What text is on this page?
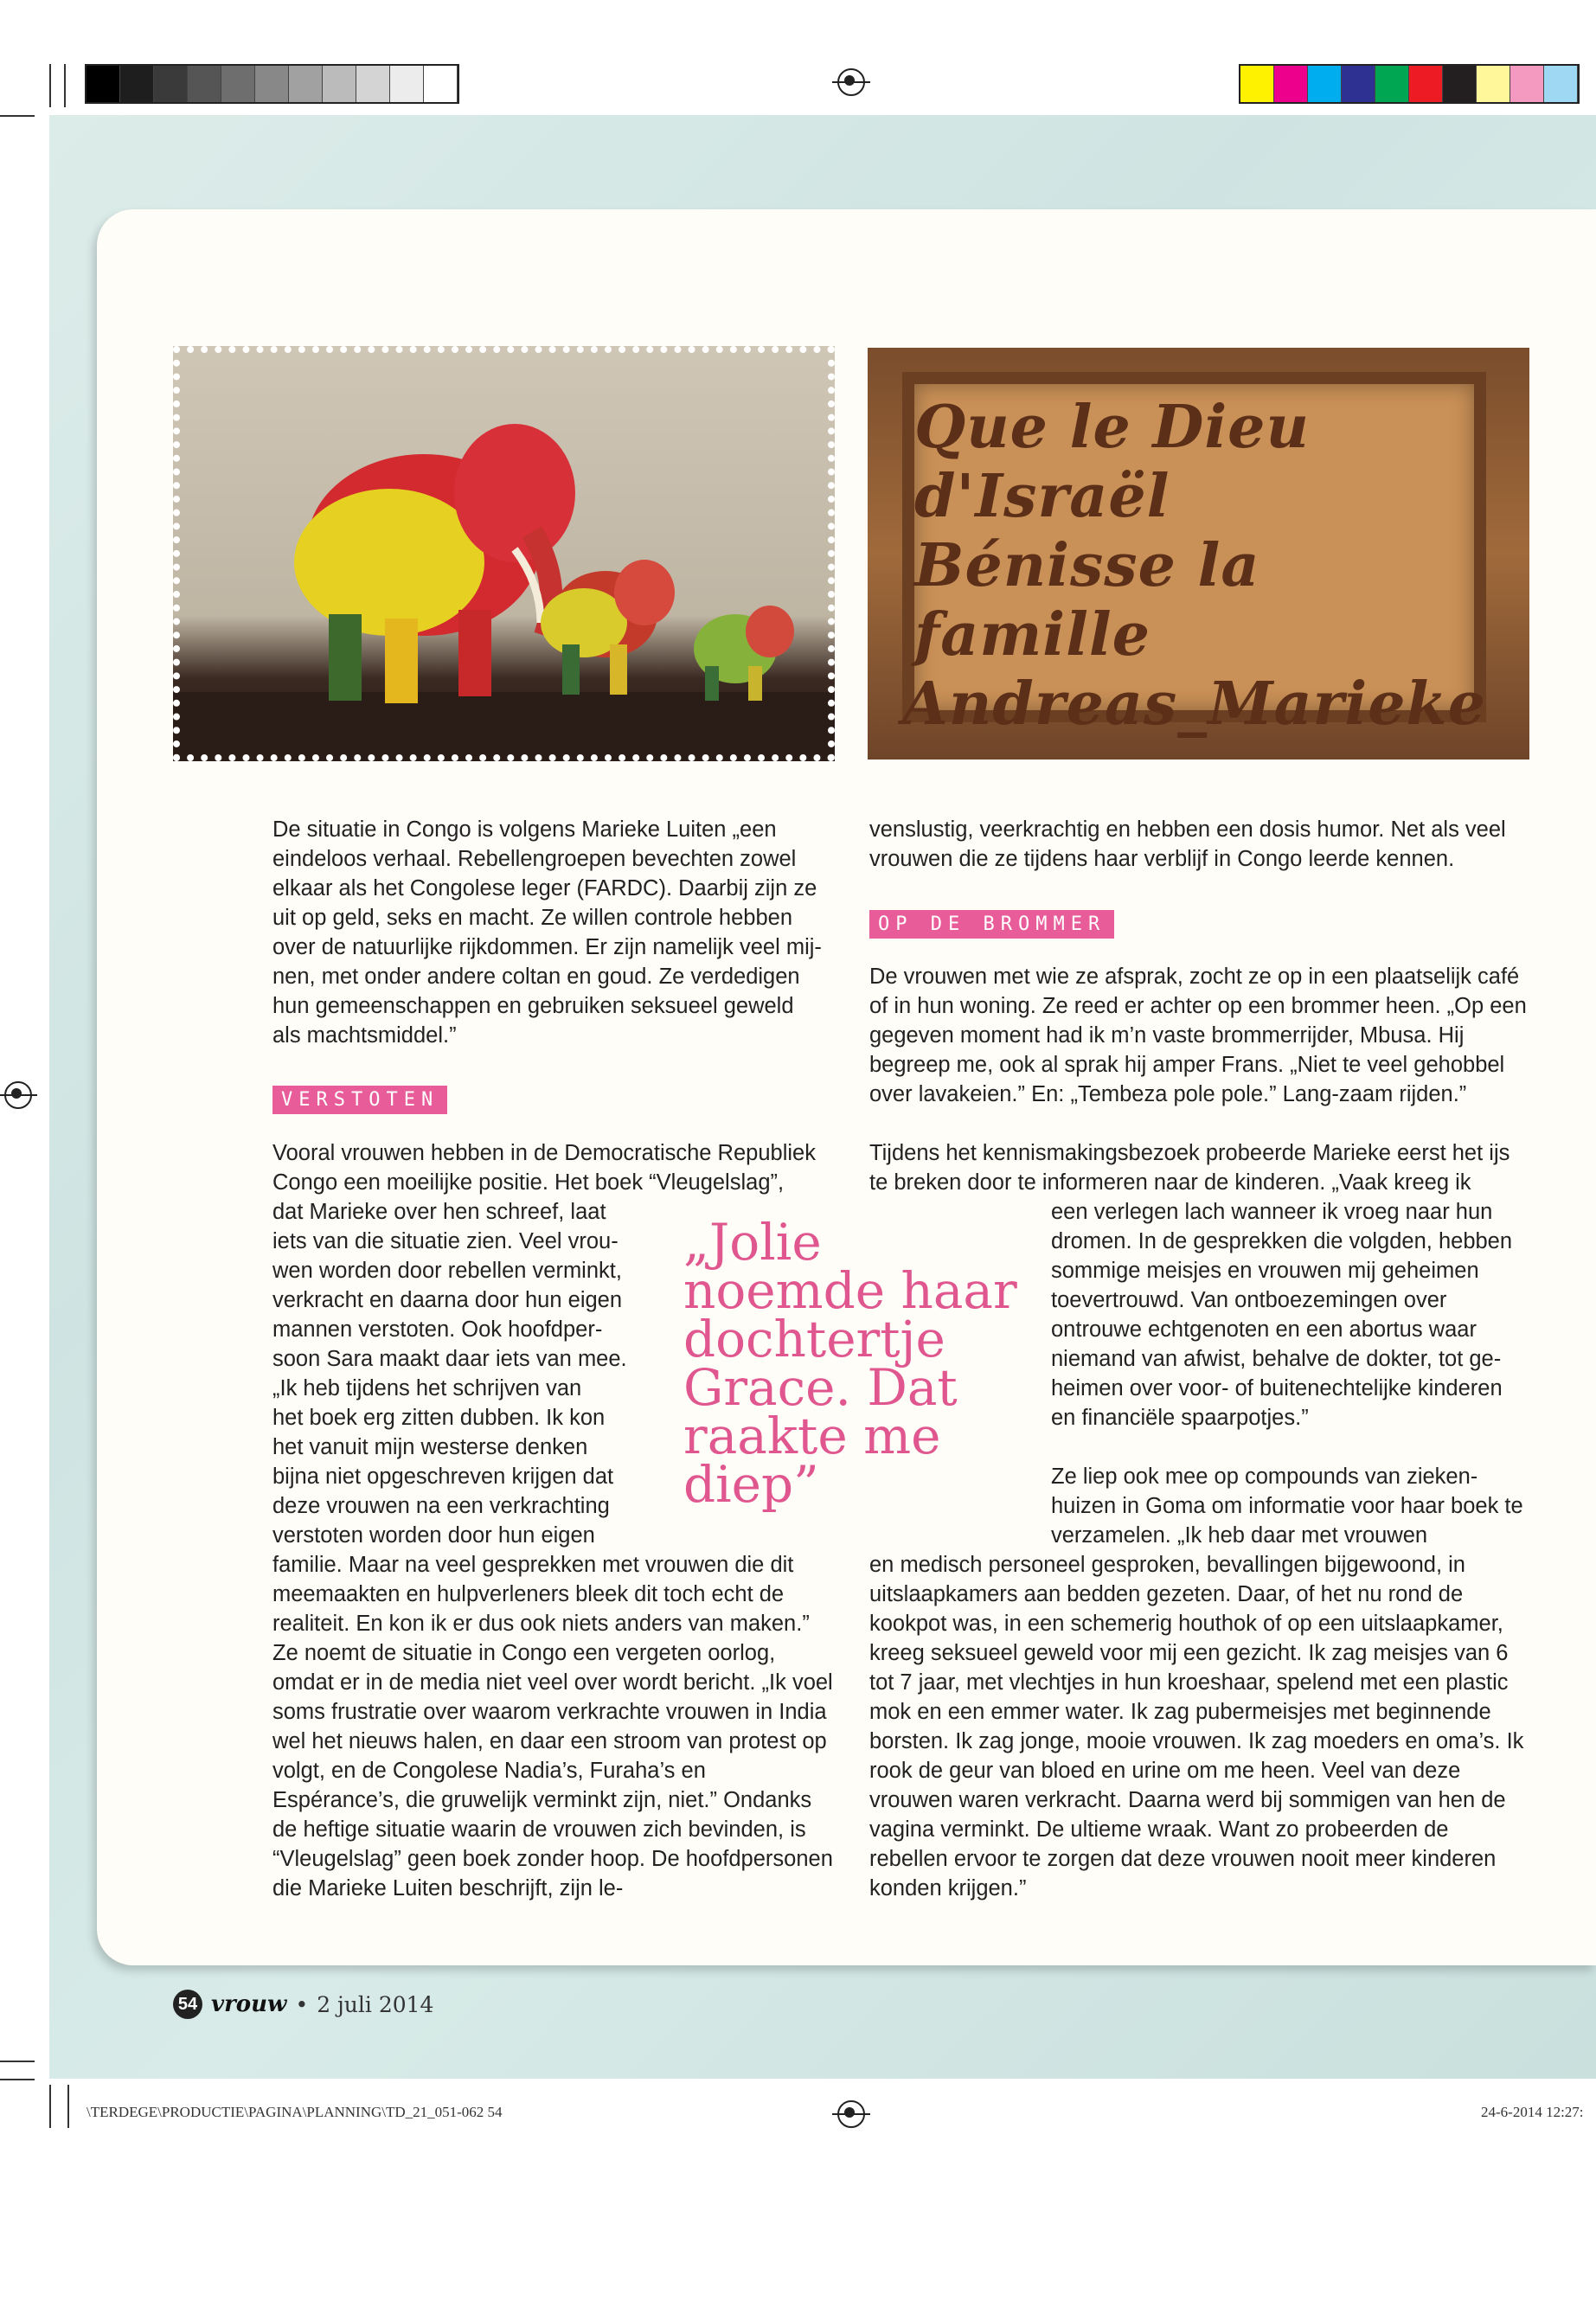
Que le Dieu d'Israël
Bénisse la famille
Andreas_Marieke

De situatie in Congo is volgens Marieke Luiten „een eindeloos verhaal. Rebellengroepen bevechten zowel elkaar als het Congolese leger (FARDC). Daarbij zijn ze uit op geld, seks en macht. Ze willen controle hebben over de natuurlijke rijkdommen. Er zijn namelijk veel mij-nen, met onder andere coltan en goud. Ze verdedigen hun gemeenschappen en gebruiken seksueel geweld als machtsmiddel.”

VERSTOTEN
Vooral vrouwen hebben in de Democratische Republiek
Congo een moeilijke positie. Het boek “Vleugelslag”,
dat Marieke over hen schreef, laat
iets van die situatie zien. Veel vrou-
wen worden door rebellen verminkt,
verkracht en daarna door hun eigen
mannen verstoten. Ook hoofdper-
soon Sara maakt daar iets van mee.
„Ik heb tijdens het schrijven van
het boek erg zitten dubben. Ik kon
het vanuit mijn westerse denken
bijna niet opgeschreven krijgen dat
deze vrouwen na een verkrachting
verstoten worden door hun eigen

familie. Maar na veel gesprekken met vrouwen die dit meemaakten en hulpverleners bleek dit toch echt de realiteit. En kon ik er dus ook niets anders van maken.” Ze noemt de situatie in Congo een vergeten oorlog, omdat er in de media niet veel over wordt bericht. „Ik voel soms frustratie over waarom verkrachte vrouwen in India wel het nieuws halen, en daar een stroom van protest op volgt, en de Congolese Nadia’s, Furaha’s en Espérance’s, die gruwelijk verminkt zijn, niet.” Ondanks de heftige situatie waarin de vrouwen zich bevinden, is “Vleugelslag” geen boek zonder hoop. De hoofdpersonen die Marieke Luiten beschrijft, zijn le-

„Jolie noemde haar dochtertje Grace. Dat raakte me diep”

venslustig, veerkrachtig en hebben een dosis humor. Net als veel vrouwen die ze tijdens haar verblijf in Congo leerde kennen.

OP DE BROMMER

De vrouwen met wie ze afsprak, zocht ze op in een plaatselijk café of in hun woning. Ze reed er achter op een brommer heen. „Op een gegeven moment had ik m’n vaste brommerrijder, Mbusa. Hij begreep me, ook al sprak hij amper Frans. „Niet te veel gehobbel over lavakeien.” En: „Tembeza pole pole.” Lang-zaam rijden.”

Tijdens het kennismakingsbezoek probeerde Marieke eerst het ijs te breken door te informeren naar de kinderen. „Vaak kreeg ik

een verlegen lach wanneer ik vroeg naar hun dromen. In de gesprekken die volgden, hebben sommige meisjes en vrouwen mij geheimen toevertrouwd. Van ontboezemingen over ontrouwe echtgenoten en een abortus waar niemand van afwist, behalve de dokter, tot ge-heimen over voor- of buitenechtelijke kinderen en financiële spaarpotjes.”

Ze liep ook mee op compounds van zieken-huizen in Goma om informatie voor haar boek te verzamelen. „Ik heb daar met vrouwen

en medisch personeel gesproken, bevallingen bijgewoond, in uitslaapkamers aan bedden gezeten. Daar, of het nu rond de kookpot was, in een schemerig houthok of op een uitslaapkamer, kreeg seksueel geweld voor mij een gezicht. Ik zag meisjes van 6 tot 7 jaar, met vlechtjes in hun kroeshaar, spelend met een plastic mok en een emmer water. Ik zag pubermeisjes met beginnende borsten. Ik zag jonge, mooie vrouwen. Ik zag moeders en oma’s. Ik rook de geur van bloed en urine om me heen. Veel van deze vrouwen waren verkracht. Daarna werd bij sommigen van hen de vagina verminkt. De ultieme wraak. Want zo probeerden de rebellen ervoor te zorgen dat deze vrouwen nooit meer kinderen konden krijgen.”

54 vrouw • 2 juli 2014
\TERDEGE\PRODUCTIE\PAGINA\PLANNING\TD_21_051-062 54	24-6-2014 12:27:
